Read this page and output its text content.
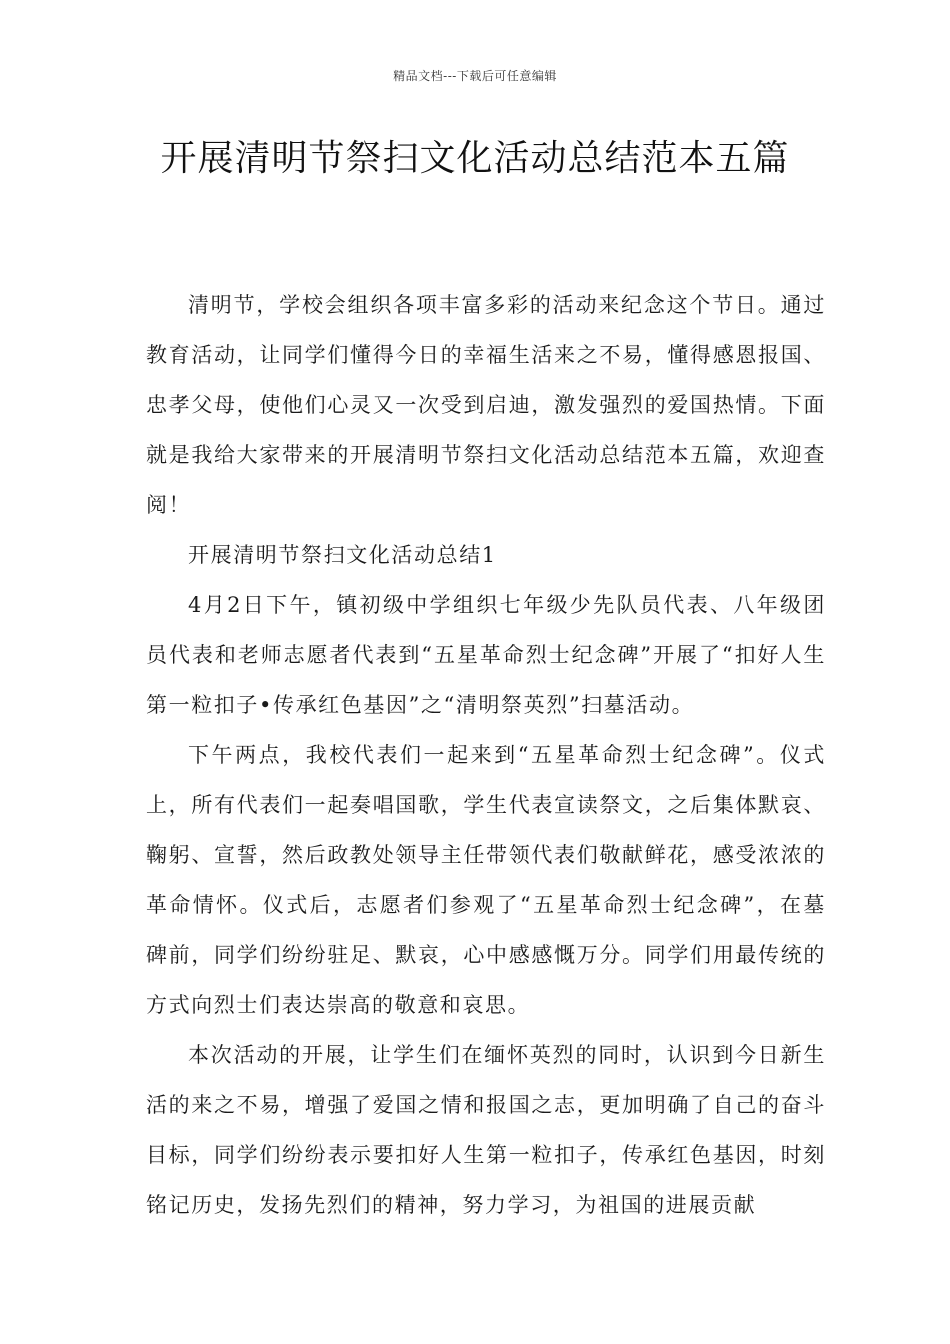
精品文档---下载后可任意编辑
开展清明节祭扫文化活动总结范本五篇

清明节，学校会组织各项丰富多彩的活动来纪念这个节日。通过教育活动，让同学们懂得今日的幸福生活来之不易，懂得感恩报国、忠孝父母，使他们心灵又一次受到启迪，激发强烈的爱国热情。下面就是我给大家带来的开展清明节祭扫文化活动总结范本五篇，欢迎查阅！

开展清明节祭扫文化活动总结1

4月2日下午，镇初级中学组织七年级少先队员代表、八年级团员代表和老师志愿者代表到“五星革命烈士纪念碑”开展了“扣好人生第一粒扣子•传承红色基因”之“清明祭英烈”扫墓活动。

下午两点，我校代表们一起来到“五星革命烈士纪念碑”。仪式上，所有代表们一起奏唱国歌，学生代表宣读祭文，之后集体默哀、鞠躬、宣誓，然后政教处领导主任带领代表们敬献鲜花，感受浓浓的革命情怀。仪式后，志愿者们参观了“五星革命烈士纪念碑”，在墓碑前，同学们纷纷驻足、默哀，心中感感慨万分。同学们用最传统的方式向烈士们表达崇高的敬意和哀思。

本次活动的开展，让学生们在缅怀英烈的同时，认识到今日新生活的来之不易，增强了爱国之情和报国之志，更加明确了自己的奋斗目标，同学们纷纷表示要扣好人生第一粒扣子，传承红色基因，时刻铭记历史，发扬先烈们的精神，努力学习，为祖国的进展贡献
